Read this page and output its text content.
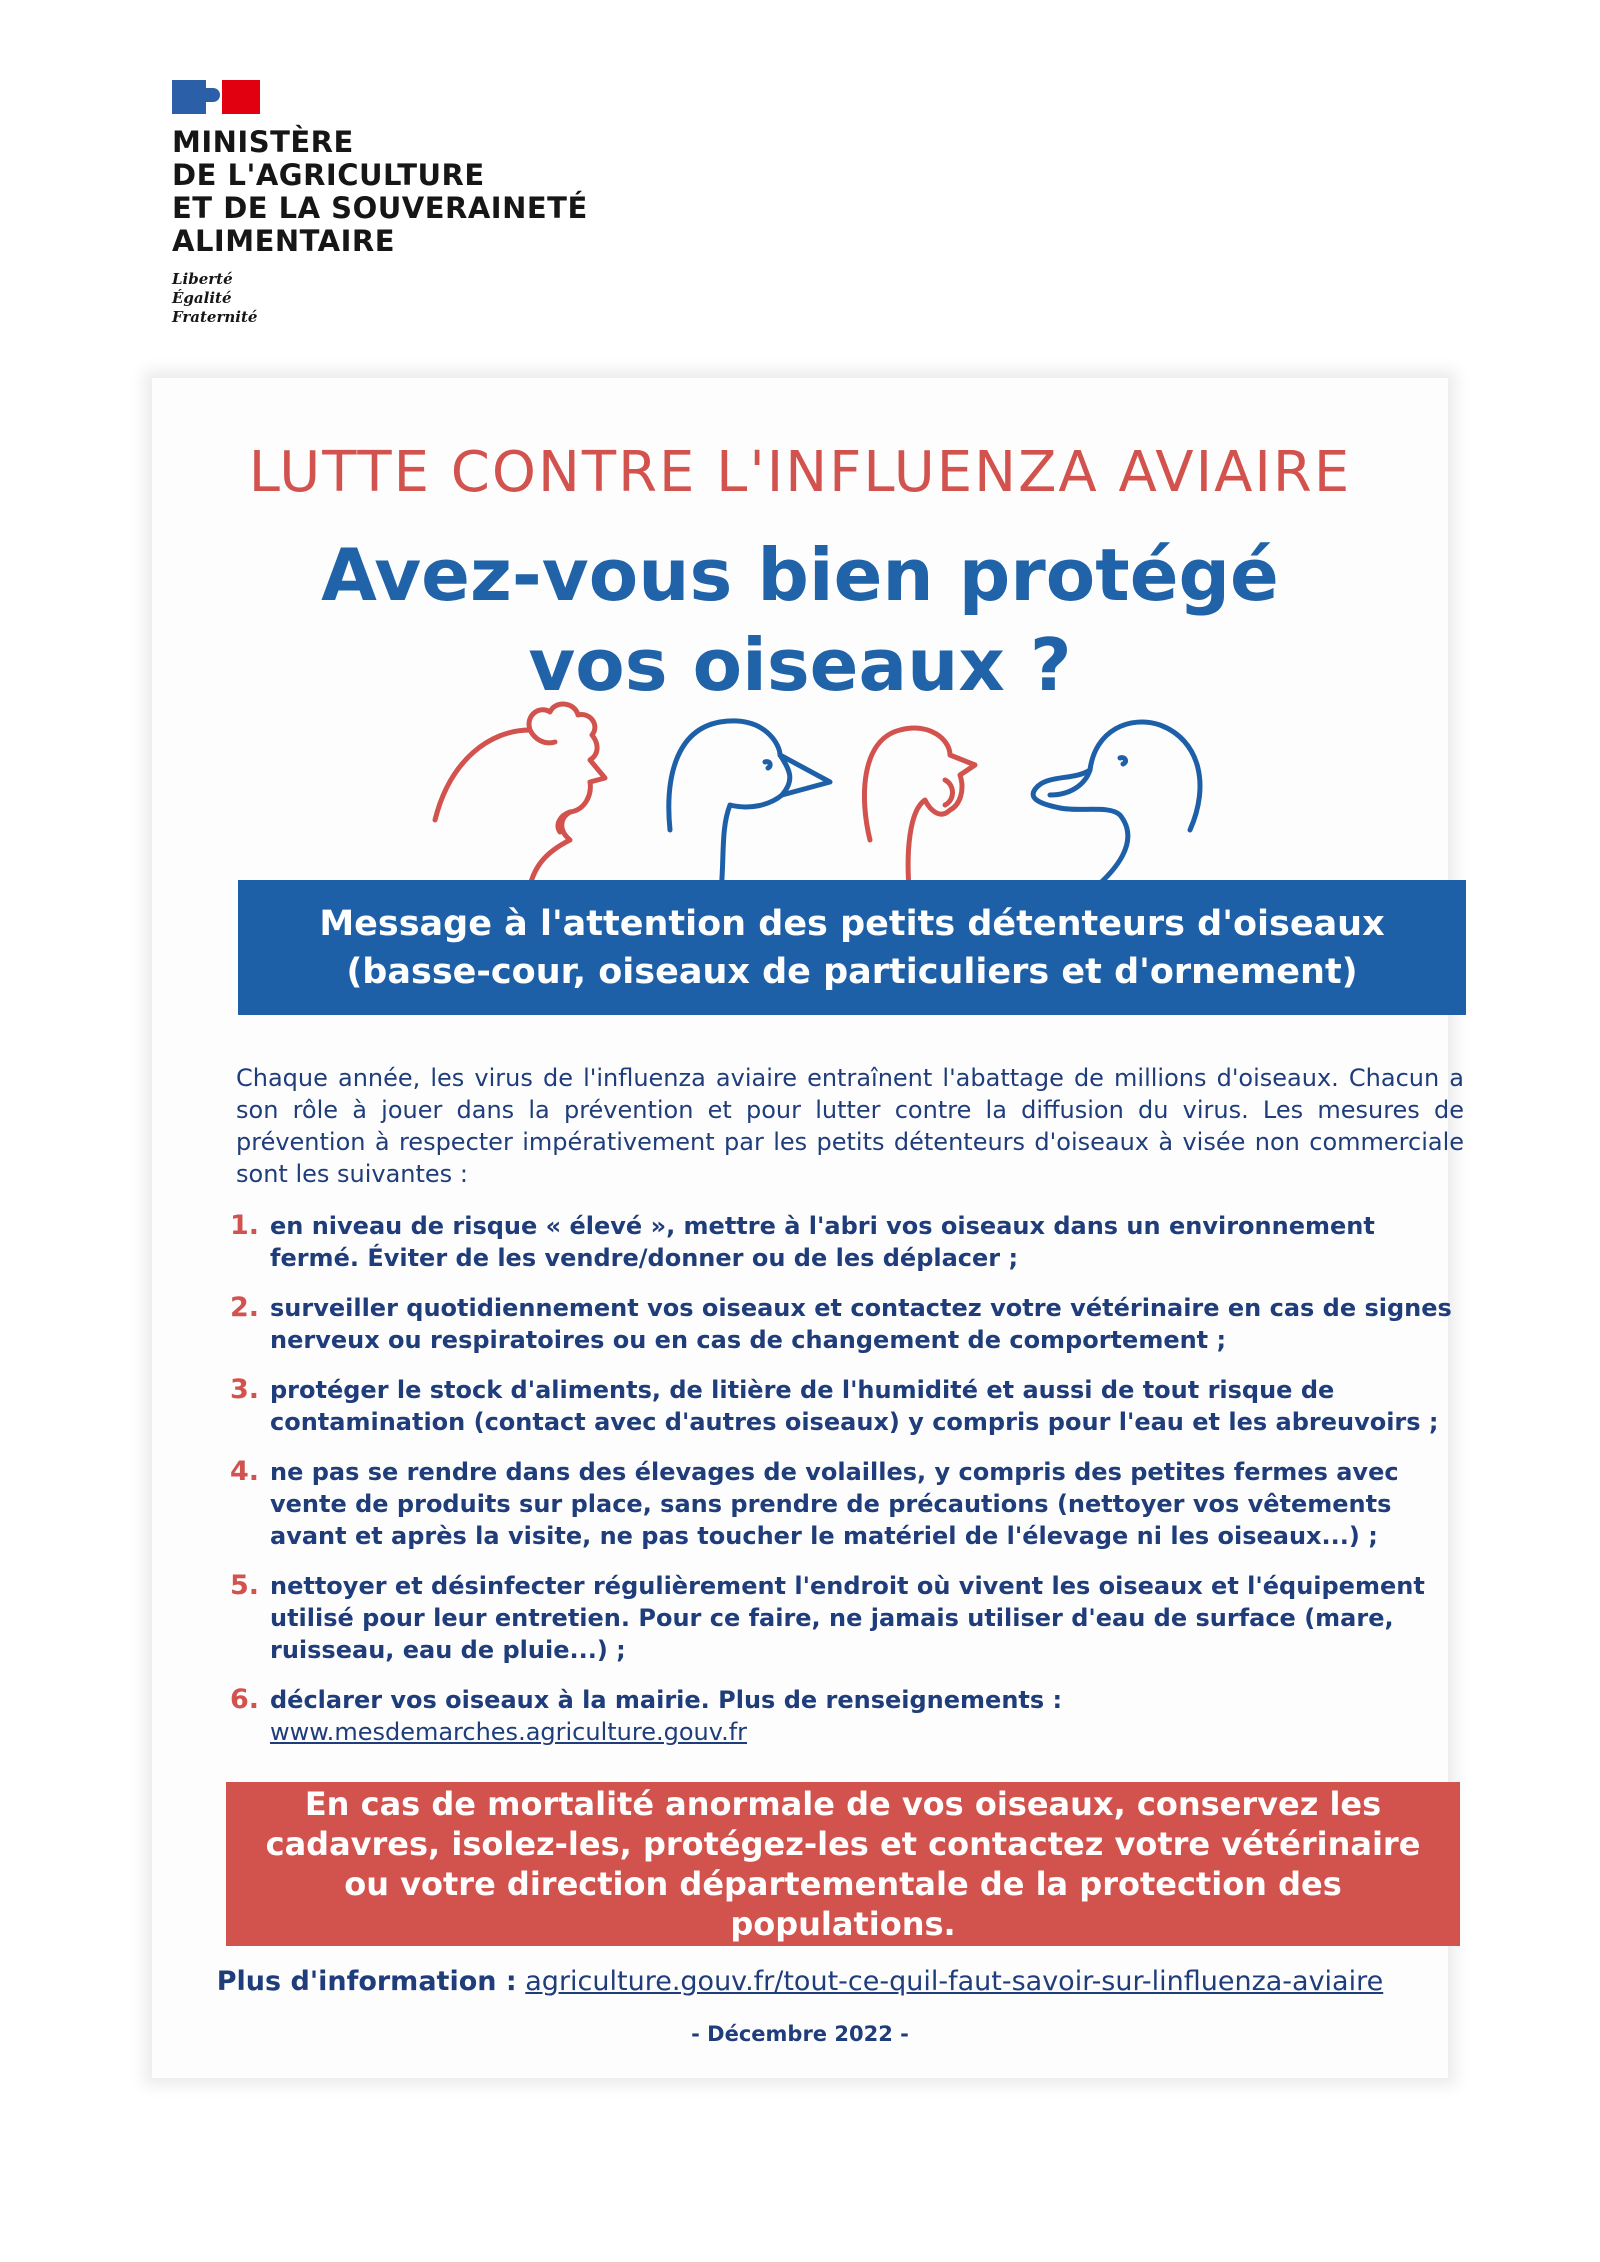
MINISTÈRE
DE L'AGRICULTURE
ET DE LA SOUVERAINETÉ
ALIMENTAIRE

Liberté
Égalité
Fraternité
LUTTE CONTRE L'INFLUENZA AVIAIRE
Avez-vous bien protégé
vos oiseaux ?
Message à l'attention des petits détenteurs d'oiseaux
(basse-cour, oiseaux de particuliers et d'ornement)

Chaque année, les virus de l'influenza aviaire entraînent l'abattage de millions d'oiseaux. Chacun a son rôle à jouer dans la prévention et pour lutter contre la diffusion du virus. Les mesures de prévention à respecter impérativement par les petits détenteurs d'oiseaux à visée non commerciale sont les suivantes :

1. en niveau de risque « élevé », mettre à l'abri vos oiseaux dans un environnement fermé. Éviter de les vendre/donner ou de les déplacer ;
2. surveiller quotidiennement vos oiseaux et contactez votre vétérinaire en cas de signes nerveux ou respiratoires ou en cas de changement de comportement ;
3. protéger le stock d'aliments, de litière de l'humidité et aussi de tout risque de contamination (contact avec d'autres oiseaux) y compris pour l'eau et les abreuvoirs ;
4. ne pas se rendre dans des élevages de volailles, y compris des petites fermes avec vente de produits sur place, sans prendre de précautions (nettoyer vos vêtements avant et après la visite, ne pas toucher le matériel de l'élevage ni les oiseaux...) ;
5. nettoyer et désinfecter régulièrement l'endroit où vivent les oiseaux et l'équipement utilisé pour leur entretien. Pour ce faire, ne jamais utiliser d'eau de surface (mare, ruisseau, eau de pluie...) ;
6. déclarer vos oiseaux à la mairie. Plus de renseignements : www.mesdemarches.agriculture.gouv.fr
En cas de mortalité anormale de vos oiseaux, conservez les cadavres, isolez-les, protégez-les et contactez votre vétérinaire ou votre direction départementale de la protection des populations.

Plus d'information : agriculture.gouv.fr/tout-ce-quil-faut-savoir-sur-linfluenza-aviaire

- Décembre 2022 -
